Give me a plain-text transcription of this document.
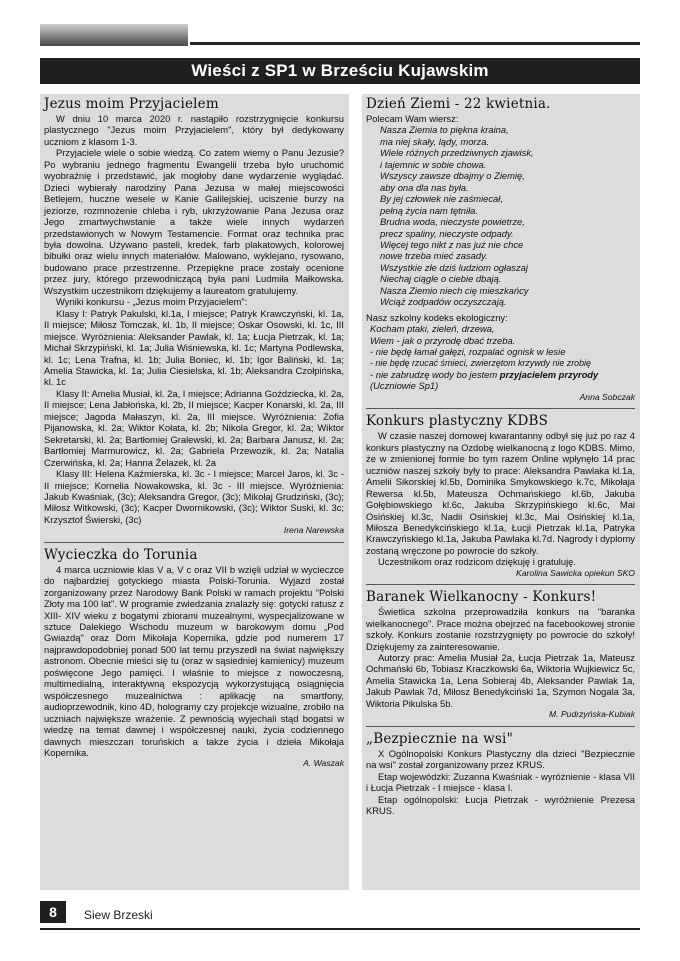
Wieści z SP1 w Brześciu Kujawskim
Jezus moim Przyjacielem

W dniu 10 marca 2020 r. nastąpiło rozstrzygnięcie konkursu plastycznego "Jezus moim Przyjacielem", który był dedykowany uczniom z klasom 1-3.

Przyjaciele wiele o sobie wiedzą. Co zatem wiemy o Panu Jezusie? Po wybraniu jednego fragmentu Ewangelii trzeba było uruchomić wyobraźnię i przedstawić, jak mogłoby dane wydarzenie wyglądać. Dzieci wybierały narodziny Pana Jezusa w małej miejscowości Betlejem, huczne wesele w Kanie Galilejskiej, uciszenie burzy na jeziorze, rozmnożenie chleba i ryb, ukrzyżowanie Pana Jezusa oraz Jego zmartwychwstanie a także wiele innych wydarzeń przedstawionych w Nowym Testamencie. Format oraz technika prac była dowolna. Używano pasteli, kredek, farb plakatowych, kolorowej bibułki oraz wielu innych materiałów. Malowano, wyklejano, rysowano, budowano prace przestrzenne. Przepiękne prace zostały ocenione przez jury, którego przewodniczącą była pani Ludmiła Małkowska. Wszystkim uczestnikom dziękujemy a laureatom gratulujemy.

Wyniki konkursu - „Jezus moim Przyjacielem":

Klasy I: Patryk Pakulski, kl.1a, I miejsce; Patryk Krawczyński, kl. 1a, II miejsce; Miłosz Tomczak, kl. 1b, II miejsce; Oskar Osowski, kl. 1c, III miejsce. Wyróżnienia: Aleksander Pawlak, kl. 1a; Łucja Pietrzak, kl. 1a; Michał Skrzypiński, kl. 1a; Julia Wiśniewska, kl. 1c; Martyna Podlewska, kl. 1c; Lena Trafna, kl. 1b; Julia Boniec, kl. 1b; Igor Baliński, kl. 1a; Amelia Stawicka, kl. 1a; Julia Ciesielska, kl. 1b; Aleksandra Czołpińska, kl. 1c

Klasy II: Amelia Musiał, kl. 2a, I miejsce; Adrianna Goździecka, kl. 2a, II miejsce; Lena Jabłońska, kl. 2b, II miejsce; Kacper Konarski, kl. 2a, III miejsce; Jagoda Małaszyn, kl. 2a, III miejsce. Wyróżnienia: Zofia Pijanowska, kl. 2a; Wiktor Kołata, kl. 2b; Nikola Gregor, kl. 2a; Wiktor Sekretarski, kl. 2a; Bartłomiej Gralewski, kl. 2a; Barbara Janusz, kl. 2a; Bartłomiej Marmurowicz, kl. 2a; Gabriela Przewozik, kl. 2a; Natalia Czerwińska, kl. 2a; Hanna Żelazek, kl. 2a

Klasy III: Helena Kaźmierska, kl. 3c - I miejsce; Marcel Jaros, kl. 3c - II miejsce; Kornelia Nowakowska, kl. 3c - III miejsce. Wyróżnienia: Jakub Kwaśniak, (3c); Aleksandra Gregor, (3c); Mikołaj Grudziński, (3c); Miłosz Witkowski, (3c); Kacper Dwornikowski, (3c); Wiktor Suski, kl. 3c; Krzysztof Świerski, (3c)

Irena Narewska
Wycieczka do Torunia

4 marca uczniowie klas V a, V c oraz VII b wzięli udział w wycieczce do najbardziej gotyckiego miasta Polski-Torunia. Wyjazd został zorganizowany przez Narodowy Bank Polski w ramach projektu "Polski Złoty ma 100 lat". W programie zwiedzania znalazły się: gotycki ratusz z XIII- XIV wieku z bogatymi zbiorami muzealnymi, wyspecjalizowane w sztuce Dalekiego Wschodu muzeum w barokowym domu „Pod Gwiazdą" oraz Dom Mikołaja Kopernika, gdzie pod numerem 17 najprawdopodobniej ponad 500 lat temu przyszedł na świat największy astronom. Obecnie mieści się tu (oraz w sąsiedniej kamienicy) muzeum poświęcone Jego pamięci. I właśnie to miejsce z nowoczesną, multimedialną, interaktywną ekspozycją wykorzystującą osiągnięcia współczesnego muzealnictwa : aplikację na smartfony, audioprzewodnik, kino 4D, hologramy czy projekcje wizualne, zrobiło na uczniach największe wrażenie. Z pewnością wyjechali stąd bogatsi w wiedzę na temat dawnej i współczesnej nauki, życia codziennego dawnych mieszczan toruńskich a także życia i dzieła Mikołaja Kopernika.

A. Waszak
Dzień Ziemi - 22 kwietnia.

Polecam Wam wiersz:

Nasza Ziemia to piękna kraina,
ma niej skały, lądy, morza.
Wiele różnych przedziwnych zjawisk,
i tajemnic w sobie chowa.
Wszyscy zawsze dbajmy o Ziemię,
aby ona dla nas była.
By jej człowiek nie zaśmiecał,
pełną życia nam tętniła.
Brudna woda, nieczyste powietrze,
precz spaliny, nieczyste odpady.
Więcej tego nikt z nas już nie chce
nowe trzeba mieć zasady.
Wszystkie złe dziś ludziom ogłaszaj
Niechaj ciągle o ciebie dbają.
Nasza Ziemio niech cię mieszkańcy
Wciąż zodpadów oczyszczają.

Nasz szkolny kodeks ekologiczny:

Kocham ptaki, zieleń, drzewa,
Wiem - jak o przyrodę dbać trzeba.
- nie będę łamał gałęzi, rozpalać ognisk w lesie
- nie będę rzucać śmieci, zwierzętom krzywdy nie zrobię
- nie zabrudzę wody bo jestem przyjacielem przyrody
(Uczniowie Sp1)
Anna Sobczak
Konkurs plastyczny KDBS

W czasie naszej domowej kwarantanny odbył się już po raz 4 konkurs plastyczny na Ozdobę wielkanocną z logo KDBS. Mimo, że w zmienionej formie bo tym razem Online wpłynęło 14 prac uczniów naszej szkoły były to prace: Aleksandra Pawlaka kl.1a, Amelii Sikorskiej kl.5b, Dominika Smykowskiego k.7c, Mikołaja Rewersa kl.5b, Mateusza Ochmańskiego kl.6b, Jakuba Gołębiowskiego kl.6c, Jakuba Skrzypińskiego kl.6c, Mai Osińskiej kl.3c, Nadii Osińskiej kl.3c, Mai Osińskiej kl.1a, Miłosza Benedykcińskiego kl.1a, Łucji Pietrzak kl.1a, Patryka Krawczyńskiego kl.1a, Jakuba Pawlaka kl.7d. Nagrody i dyplomy zostaną wręczone po powrocie do szkoły.

Uczestnikom oraz rodzicom dziękuję i gratuluję.

Karolina Sawicka opiekun SKO
Baranek Wielkanocny - Konkurs!

Świetlica szkolna przeprowadziła konkurs na "baranka wielkanocnego". Prace można obejrzeć na facebookowej stronie szkoły. Konkurs zostanie rozstrzygnięty po powrocie do szkoły! Dziękujemy za zainteresowanie.

Autorzy prac: Amelia Musiał 2a, Łucja Pietrzak 1a, Mateusz Ochmański 6b, Tobiasz Kraczkowski 6a, Wiktoria Wujkiewicz 5c, Amelia Stawicka 1a, Lena Sobieraj 4b, Aleksander Pawlak 1a, Jakub Pawlak 7d, Miłosz Benedykciński 1a, Szymon Nogala 3a, Wiktoria Pikulska 5b.

M. Pudrzyńska-Kubiak
„Bezpiecznie na wsi"

X Ogólnopolski Konkurs Plastyczny dla dzieci "Bezpiecznie na wsi" został zorganizowany przez KRUS.

Etap wojewódzki: Zuzanna Kwaśniak - wyróżnienie - klasa VII i Łucja Pietrzak - I miejsce - klasa I.

Etap ogólnopolski: Łucja Pietrzak - wyróżnienie Prezesa KRUS.

8	Siew Brzeski
